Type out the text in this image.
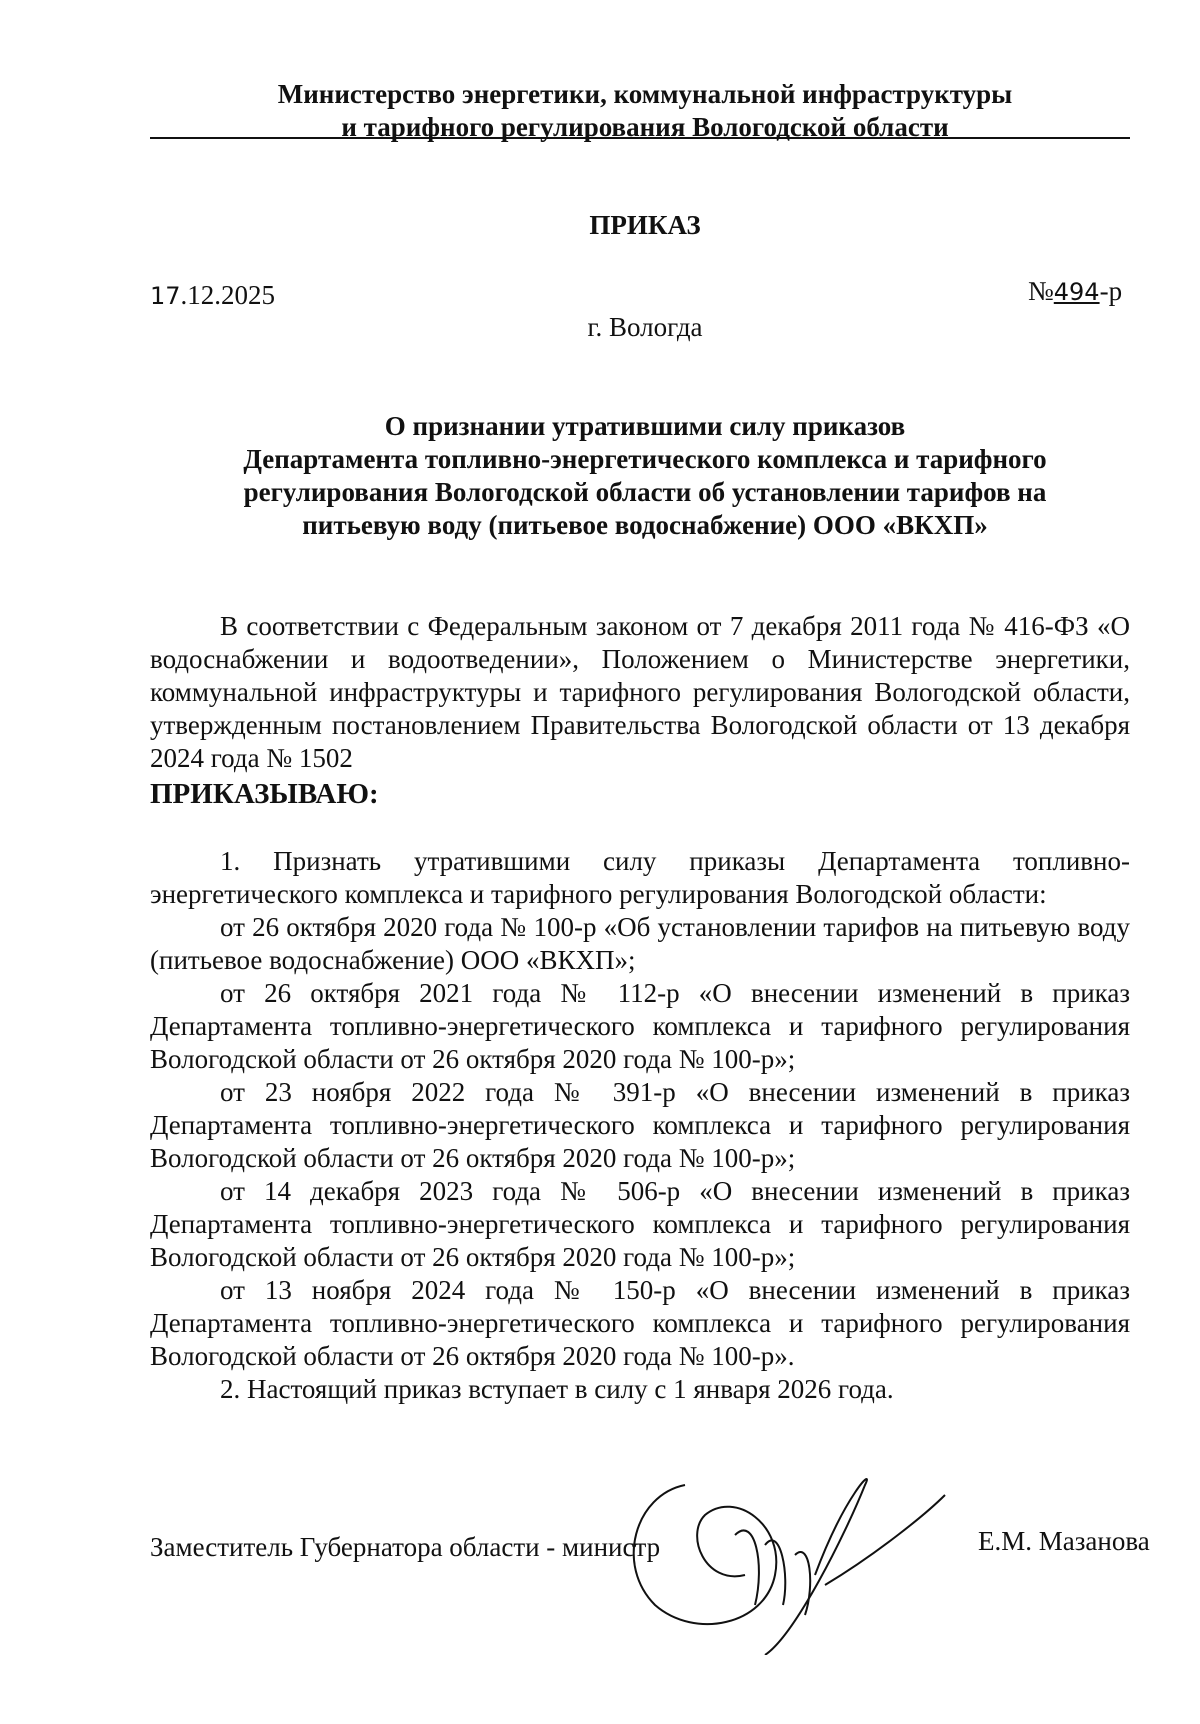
Министерство энергетики, коммунальной инфраструктуры
и тарифного регулирования Вологодской области
ПРИКАЗ
17.12.2025	№494-р
г. Вологда
О признании утратившими силу приказов
Департамента топливно-энергетического комплекса и тарифного
регулирования Вологодской области об установлении тарифов на
питьевую воду (питьевое водоснабжение) ООО «ВКХП»

В соответствии с Федеральным законом от 7 декабря 2011 года № 416-ФЗ «О водоснабжении и водоотведении», Положением о Министерстве энергетики, коммунальной инфраструктуры и тарифного регулирования Вологодской области, утвержденным постановлением Правительства Вологодской области от 13 декабря 2024 года № 1502

ПРИКАЗЫВАЮ:

1. Признать утратившими силу приказы Департамента топливно-энергетического комплекса и тарифного регулирования Вологодской области:

от 26 октября 2020 года № 100-р «Об установлении тарифов на питьевую воду (питьевое водоснабжение) ООО «ВКХП»;

от 26 октября 2021 года № 112-р «О внесении изменений в приказ Департамента топливно-энергетического комплекса и тарифного регулирования Вологодской области от 26 октября 2020 года № 100-р»;

от 23 ноября 2022 года № 391-р «О внесении изменений в приказ Департамента топливно-энергетического комплекса и тарифного регулирования Вологодской области от 26 октября 2020 года № 100-р»;

от 14 декабря 2023 года № 506-р «О внесении изменений в приказ Департамента топливно-энергетического комплекса и тарифного регулирования Вологодской области от 26 октября 2020 года № 100-р»;

от 13 ноября 2024 года № 150-р «О внесении изменений в приказ Департамента топливно-энергетического комплекса и тарифного регулирования Вологодской области от 26 октября 2020 года № 100-р».

2. Настоящий приказ вступает в силу с 1 января 2026 года.

Заместитель Губернатора области - министр	Е.М. Мазанова
